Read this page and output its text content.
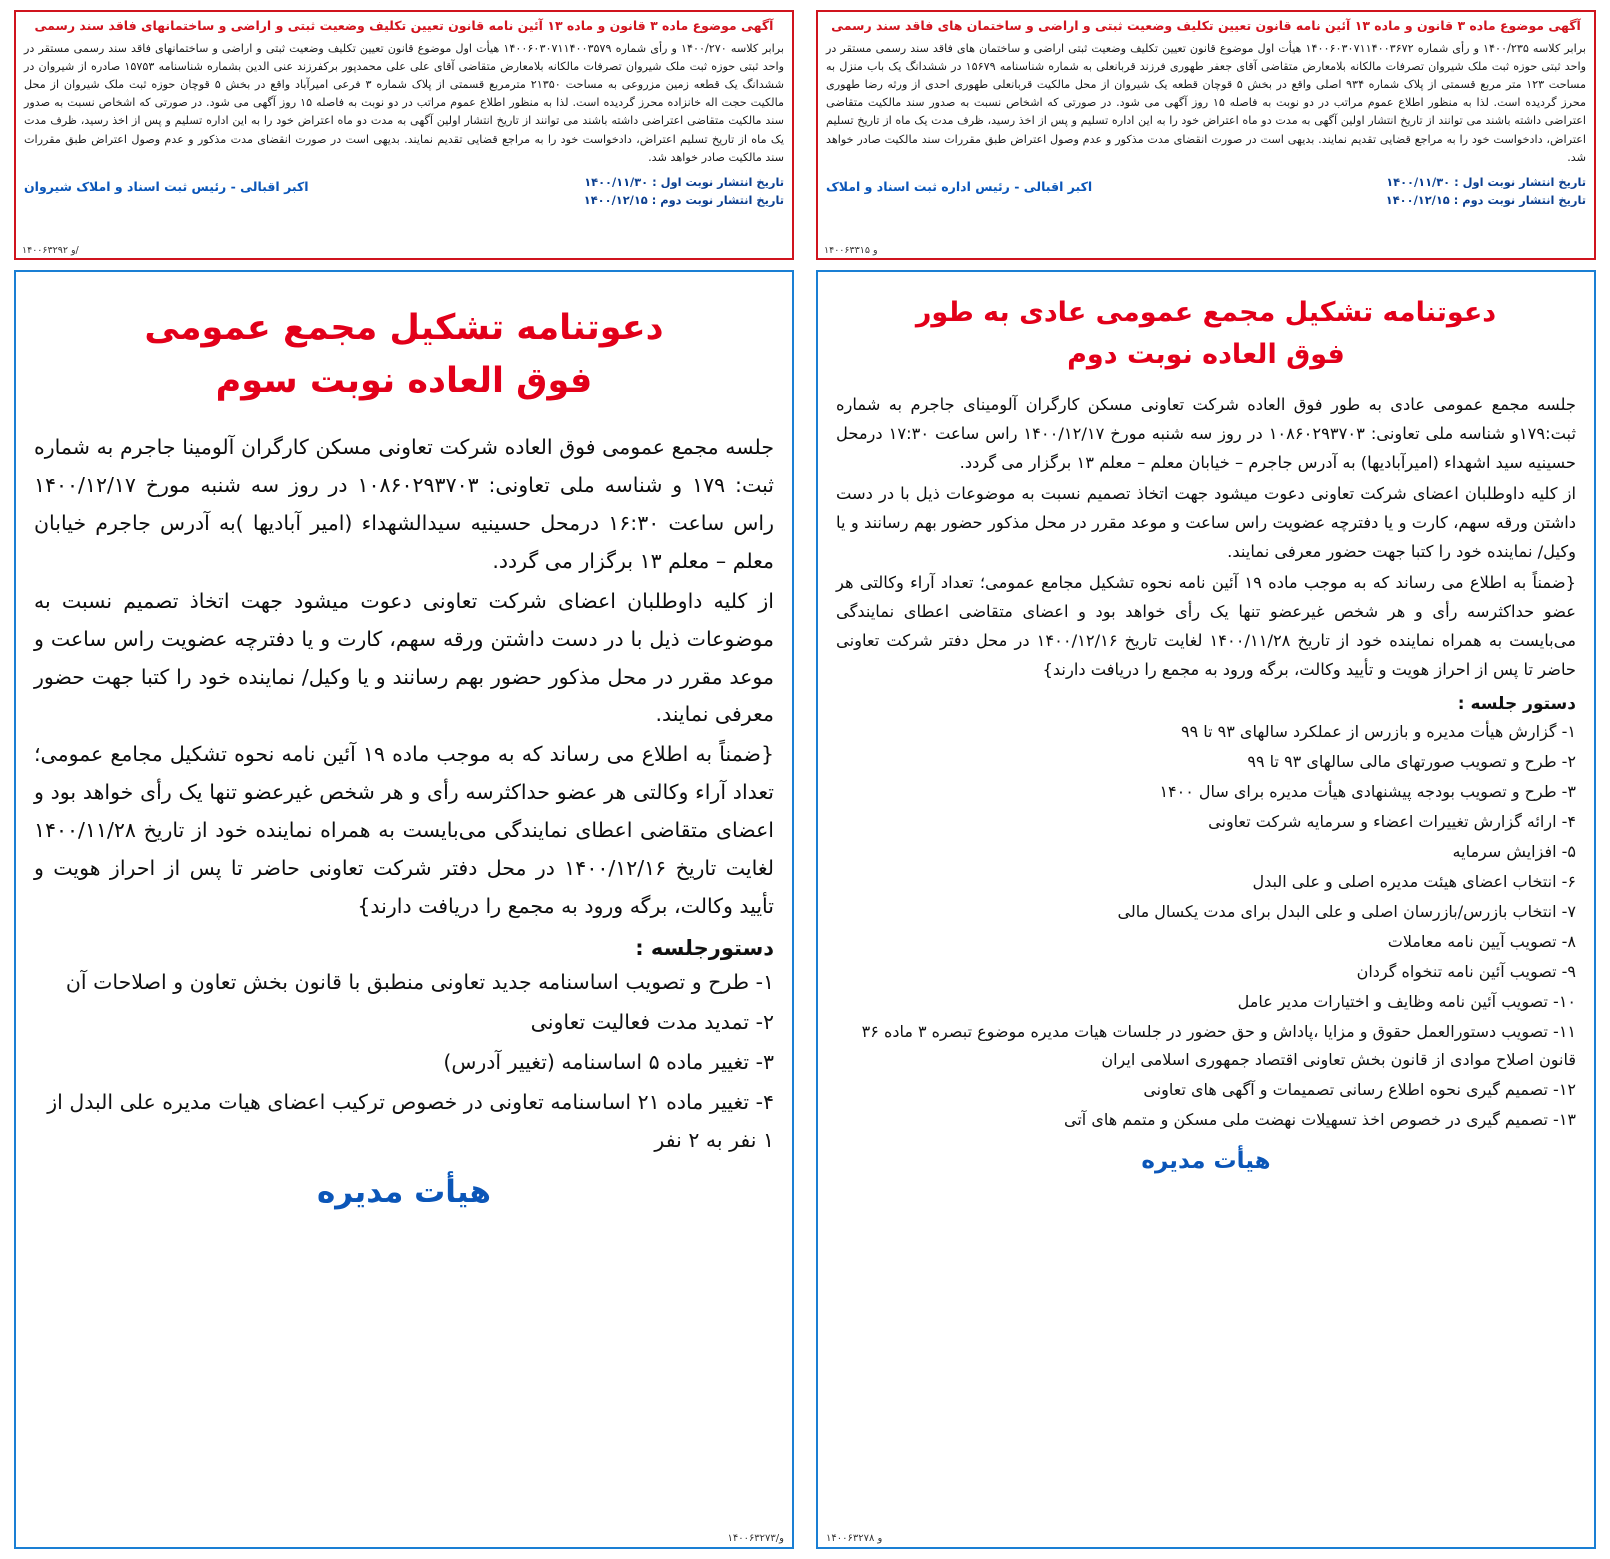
آگهی موضوع ماده ۳ قانون و ماده ۱۳ آئین نامه قانون تعیین تکلیف وضعیت ثبتی و اراضی و ساختمان های فاقد سند رسمی

برابر کلاسه ۱۴۰۰/۲۳۵ و رأی شماره ۱۴۰۰۶۰۳۰۷۱۱۴۰۰۳۶۷۲ هیأت اول موضوع قانون تعیین تکلیف وضعیت ثبتی اراضی و ساختمان های فاقد سند رسمی مستقر در واحد ثبتی حوزه ثبت ملک شیروان تصرفات مالکانه بلامعارض متقاضی آقای جعفر طهوری فرزند قربانعلی به شماره شناسنامه ۱۵۶۷۹ در ششدانگ یک باب منزل به مساحت ۱۲۳ متر مربع قسمتی از پلاک شماره ۹۳۴ اصلی واقع در بخش ۵ قوچان قطعه یک شیروان از محل مالکیت قربانعلی طهوری احدی از ورثه رضا طهوری محرز گردیده است. لذا به منظور اطلاع عموم مراتب در دو نوبت به فاصله ۱۵ روز آگهی می شود. در صورتی که اشخاص نسبت به صدور سند مالکیت متقاضی اعتراضی داشته باشند می توانند از تاریخ انتشار اولین آگهی به مدت دو ماه اعتراض خود را به این اداره تسلیم و پس از اخذ رسید، ظرف مدت یک ماه از تاریخ تسلیم اعتراض، دادخواست خود را به مراجع قضایی تقدیم نمایند. بدیهی است در صورت انقضای مدت مذکور و عدم وصول اعتراض طبق مقررات سند مالکیت صادر خواهد شد.

تاریخ انتشار نوبت اول : ۱۴۰۰/۱۱/۳۰
تاریخ انتشار نوبت دوم : ۱۴۰۰/۱۲/۱۵
اکبر اقبالی - رئیس اداره ثبت اسناد و املاک
و ۱۴۰۰۶۳۳۱۵
آگهی موضوع ماده ۳ قانون و ماده ۱۳ آئین نامه قانون تعیین تکلیف وضعیت ثبتی و اراضی و ساختمانهای فاقد سند رسمی

برابر کلاسه ۱۴۰۰/۲۷۰ و رأی شماره ۱۴۰۰۶۰۳۰۷۱۱۴۰۰۳۵۷۹ هیأت اول موضوع قانون تعیین تکلیف وضعیت ثبتی و اراضی و ساختمانهای فاقد سند رسمی مستقر در واحد ثبتی حوزه ثبت ملک شیروان تصرفات مالکانه بلامعارض متقاضی آقای علی علی محمدپور برکفرزند عنی الدین بشماره شناسنامه ۱۵۷۵۳ صادره از شیروان در ششدانگ یک قطعه زمین مزروعی به مساحت ۲۱۳۵۰ مترمربع قسمتی از پلاک شماره ۳ فرعی امیرآباد واقع در بخش ۵ قوچان حوزه ثبت ملک شیروان از محل مالکیت حجت اله خانزاده محرز گردیده است. لذا به منظور اطلاع عموم مراتب در دو نوبت به فاصله ۱۵ روز آگهی می شود. در صورتی که اشخاص نسبت به صدور سند مالکیت متقاضی اعتراضی داشته باشند می توانند از تاریخ انتشار اولین آگهی به مدت دو ماه اعتراض خود را به این اداره تسلیم و پس از اخذ رسید، ظرف مدت یک ماه از تاریخ تسلیم اعتراض، دادخواست خود را به مراجع قضایی تقدیم نمایند. بدیهی است در صورت انقضای مدت مذکور و عدم وصول اعتراض طبق مقررات سند مالکیت صادر خواهد شد.

تاریخ انتشار نوبت اول : ۱۴۰۰/۱۱/۳۰
تاریخ انتشار نوبت دوم : ۱۴۰۰/۱۲/۱۵
اکبر اقبالی - رئیس ثبت اسناد و املاک شیروان
و ۱۴۰۰۶۳۲۹۲/
دعوتنامه تشکیل مجمع عمومی عادی به طور
فوق العاده نوبت دوم

جلسه مجمع عمومی عادی به طور فوق العاده شرکت تعاونی مسکن کارگران آلومینای جاجرم به شماره ثبت:۱۷۹و شناسه ملی تعاونی: ۱۰۸۶۰۲۹۳۷۰۳ در روز سه شنبه مورخ ۱۴۰۰/۱۲/۱۷ راس ساعت ۱۷:۳۰ درمحل حسینیه سید اشهداء (امیرآبادیها) به آدرس جاجرم – خیابان معلم – معلم ۱۳ برگزار می گردد.

از کلیه داوطلبان اعضای شرکت تعاونی دعوت میشود جهت اتخاذ تصمیم نسبت به موضوعات ذیل با در دست داشتن ورقه سهم، کارت و یا دفترچه عضویت راس ساعت و موعد مقرر در محل مذکور حضور بهم رسانند و یا وکیل/ نماینده خود را کتبا جهت حضور معرفی نمایند.

{ضمناً به اطلاع می رساند که به موجب ماده ۱۹ آئین نامه نحوه تشکیل مجامع عمومی؛ تعداد آراء وکالتی هر عضو حداکثرسه رأی و هر شخص غیرعضو تنها یک رأی خواهد بود و اعضای متقاضی اعطای نمایندگی می‌بایست به همراه نماینده خود از تاریخ ۱۴۰۰/۱۱/۲۸ لغایت تاریخ ۱۴۰۰/۱۲/۱۶ در محل دفتر شرکت تعاونی حاضر تا پس از احراز هویت و تأیید وکالت، برگه ورود به مجمع را دریافت دارند}

دستور جلسه :
۱- گزارش هیأت مدیره و بازرس از عملکرد سالهای ۹۳ تا ۹۹
۲- طرح و تصویب صورتهای مالی سالهای ۹۳ تا ۹۹
۳- طرح و تصویب بودجه پیشنهادی هیأت مدیره برای سال ۱۴۰۰
۴- ارائه گزارش تغییرات اعضاء و سرمایه شرکت تعاونی
۵- افزایش سرمایه
۶- انتخاب اعضای هیئت مدیره اصلی و علی البدل
۷- انتخاب بازرس/بازرسان اصلی و علی البدل برای مدت یکسال مالی
۸- تصویب آیین نامه معاملات
۹- تصویب آئین نامه تنخواه گردان
۱۰- تصویب آئین نامه وظایف و اختیارات مدیر عامل
۱۱- تصویب دستورالعمل حقوق و مزایا ،پاداش و حق حضور در جلسات هیات مدیره موضوع تبصره ۳ ماده ۳۶ قانون اصلاح موادی از قانون بخش تعاونی اقتصاد جمهوری اسلامی ایران
۱۲- تصمیم گیری نحوه اطلاع رسانی تصمیمات و آگهی های تعاونی
۱۳- تصمیم گیری در خصوص اخذ تسهیلات نهضت ملی مسکن و متمم های آتی
هیأت مدیره
و ۱۴۰۰۶۳۲۷۸
دعوتنامه تشکیل مجمع عمومی
فوق العاده نوبت سوم

جلسه مجمع عمومی فوق العاده شرکت تعاونی مسکن کارگران آلومینا جاجرم به شماره ثبت: ۱۷۹ و شناسه ملی تعاونی: ۱۰۸۶۰۲۹۳۷۰۳ در روز سه شنبه مورخ ۱۴۰۰/۱۲/۱۷ راس ساعت ۱۶:۳۰ درمحل حسینیه سیدالشهداء (امیر آبادیها )به آدرس جاجرم خیابان معلم – معلم ۱۳ برگزار می گردد.

از کلیه داوطلبان اعضای شرکت تعاونی دعوت میشود جهت اتخاذ تصمیم نسبت به موضوعات ذیل با در دست داشتن ورقه سهم، کارت و یا دفترچه عضویت راس ساعت و موعد مقرر در محل مذکور حضور بهم رسانند و یا وکیل/ نماینده خود را کتبا جهت حضور معرفی نمایند.

{ضمناً به اطلاع می رساند که به موجب ماده ۱۹ آئین نامه نحوه تشکیل مجامع عمومی؛ تعداد آراء وکالتی هر عضو حداکثرسه رأی و هر شخص غیرعضو تنها یک رأی خواهد بود و اعضای متقاضی اعطای نمایندگی می‌بایست به همراه نماینده خود از تاریخ ۱۴۰۰/۱۱/۲۸ لغایت تاریخ ۱۴۰۰/۱۲/۱۶ در محل دفتر شرکت تعاونی حاضر تا پس از احراز هویت و تأیید وکالت، برگه ورود به مجمع را دریافت دارند}

دستورجلسه :
۱- طرح و تصویب اساسنامه جدید تعاونی منطبق با قانون بخش تعاون و اصلاحات آن
۲- تمدید مدت فعالیت تعاونی
۳- تغییر ماده ۵ اساسنامه (تغییر آدرس)
۴- تغییر ماده ۲۱ اساسنامه تعاونی در خصوص ترکیب اعضای هیات مدیره علی البدل از ۱ نفر به ۲ نفر
هیأت مدیره
و/۱۴۰۰۶۳۲۷۳
